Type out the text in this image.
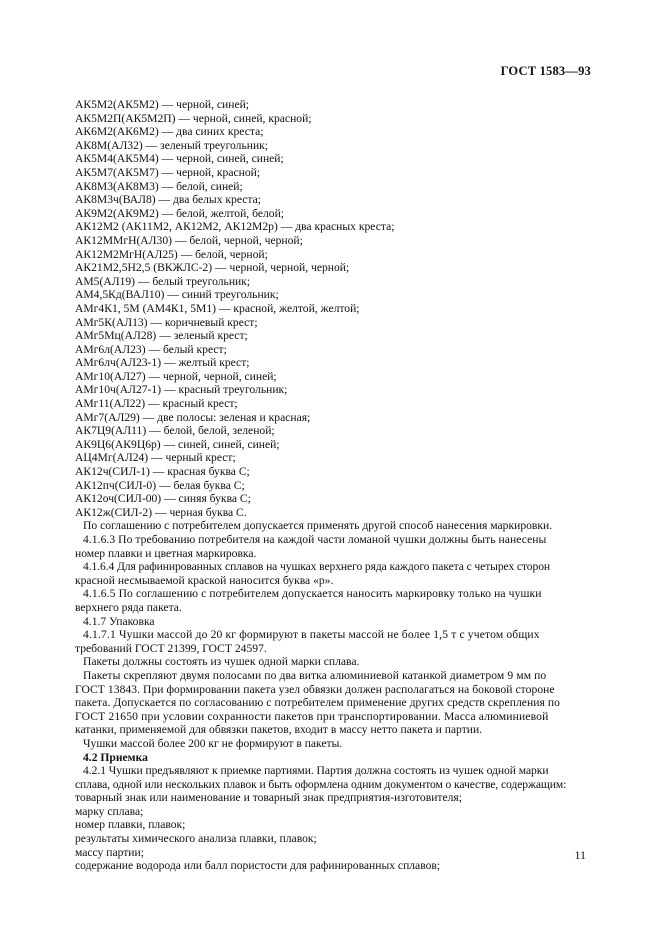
ГОСТ 1583—93
АК5М2(АК5М2) — черной, синей;
АК5М2П(АК5М2П) — черной, синей, красной;
АК6М2(АК6М2) — два синих креста;
АК8М(АЛ32) — зеленый треугольник;
АК5М4(АК5М4) — черной, синей, синей;
АК5М7(АК5М7) — черной, красной;
АК8М3(АК8М3) — белой, синей;
АК8М3ч(ВАЛ8) — два белых креста;
АК9М2(АК9М2) — белой, желтой, белой;
АК12М2 (АК11М2, АК12М2, АК12М2р) — два красных креста;
АК12ММгН(АЛ30) — белой, черной, черной;
АК12М2МгН(АЛ25) — белой, черной;
АК21М2,5Н2,5 (ВКЖЛС-2) — черной, черной, черной;
АМ5(АЛ19) — белый треугольник;
АМ4,5Кд(ВАЛ10) — синий треугольник;
АМг4К1, 5М (АМ4К1, 5М1) — красной, желтой, желтой;
АМг5К(АЛ13) — коричневый крест;
АМг5Мц(АЛ28) — зеленый крест;
АМг6л(АЛ23) — белый крест;
АМг6лч(АЛ23-1) — желтый крест;
АМг10(АЛ27) — черной, черной, синей;
АМг10ч(АЛ27-1) — красный треугольник;
АМг11(АЛ22) — красный крест;
АМг7(АЛ29) — две полосы: зеленая и красная;
АК7Ц9(АЛ11) — белой, белой, зеленой;
АК9Ц6(АК9Ц6р) — синей, синей, синей;
АЦ4Мг(АЛ24) — черный крест;
АК12ч(СИЛ-1) — красная буква С;
АК12пч(СИЛ-0) — белая буква С;
АК12оч(СИЛ-00) — синяя буква С;
АК12ж(СИЛ-2) — черная буква С.
По соглашению с потребителем допускается применять другой способ нанесения маркировки.
4.1.6.3 По требованию потребителя на каждой части ломаной чушки должны быть нанесены
номер плавки и цветная маркировка.
4.1.6.4 Для рафинированных сплавов на чушках верхнего ряда каждого пакета с четырех сторон
красной несмываемой краской наносится буква «р».
4.1.6.5 По соглашению с потребителем допускается наносить маркировку только на чушки
верхнего ряда пакета.
4.1.7 Упаковка
4.1.7.1 Чушки массой до 20 кг формируют в пакеты массой не более 1,5 т с учетом общих
требований ГОСТ 21399, ГОСТ 24597.
Пакеты должны состоять из чушек одной марки сплава.
Пакеты скрепляют двумя полосами по два витка алюминиевой катанкой диаметром 9 мм по
ГОСТ 13843. При формировании пакета узел обвязки должен располагаться на боковой стороне
пакета. Допускается по согласованию с потребителем применение других средств скрепления по
ГОСТ 21650 при условии сохранности пакетов при транспортировании. Масса алюминиевой
катанки, применяемой для обвязки пакетов, входит в массу нетто пакета и партии.
Чушки массой более 200 кг не формируют в пакеты.
4.2 Приемка
4.2.1 Чушки предъявляют к приемке партиями. Партия должна состоять из чушек одной марки
сплава, одной или нескольких плавок и быть оформлена одним документом о качестве, содержащим:
товарный знак или наименование и товарный знак предприятия-изготовителя;
марку сплава;
номер плавки, плавок;
результаты химического анализа плавки, плавок;
массу партии;
содержание водорода или балл пористости для рафинированных сплавов;
11
